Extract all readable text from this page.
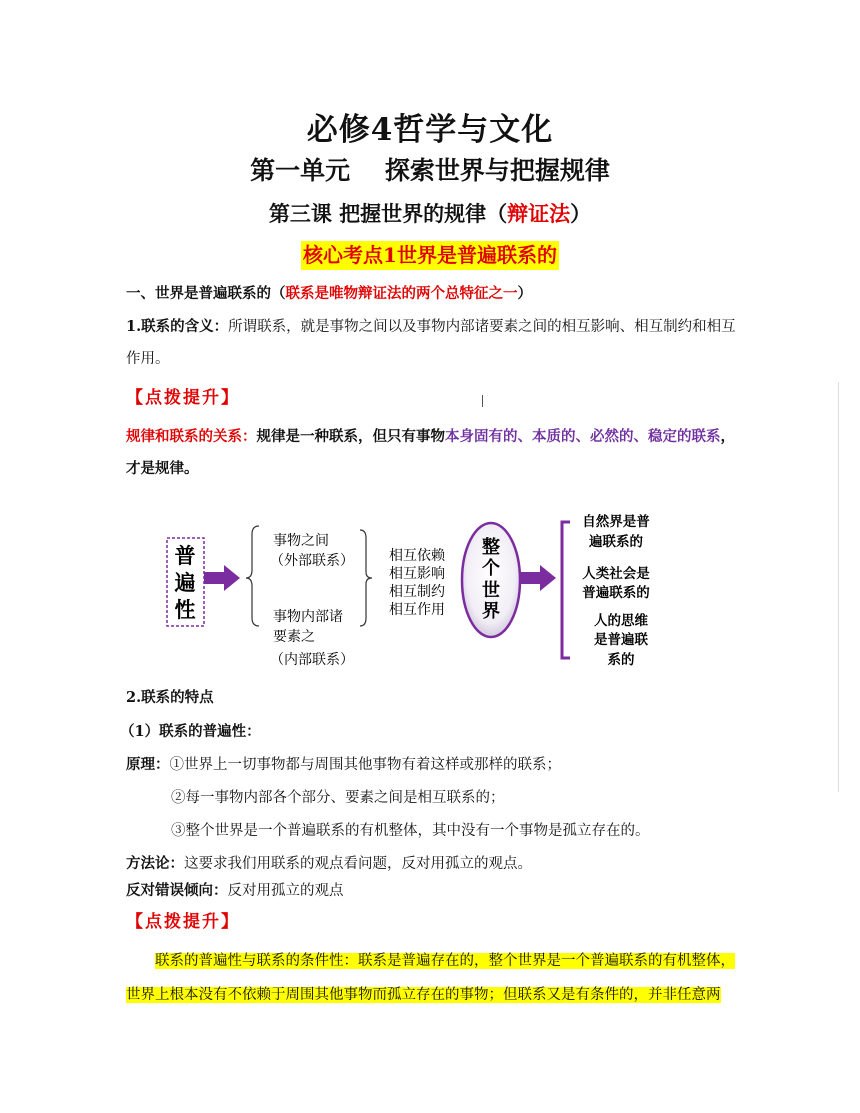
必修4哲学与文化
第一单元    探索世界与把握规律
第三课 把握世界的规律（辩证法）
核心考点1世界是普遍联系的
一、世界是普遍联系的（联系是唯物辩证法的两个总特征之一）
1.联系的含义：所谓联系，就是事物之间以及事物内部诸要素之间的相互影响、相互制约和相互
作用。
【点拨提升】
规律和联系的关系：规律是一种联系，但只有事物本身固有的、本质的、必然的、稳定的联系，
才是规律。
普
遍
性
事物之间
（外部联系）
事物内部诸
要素之
（内部联系）
相互依赖
相互影响
相互制约
相互作用
整
个
世
界
自然界是普
遍联系的
人类社会是
普遍联系的
人的思维
是普遍联
系的
2.联系的特点
（1）联系的普遍性：
原理：①世界上一切事物都与周围其他事物有着这样或那样的联系；
②每一事物内部各个部分、要素之间是相互联系的；
③整个世界是一个普遍联系的有机整体，其中没有一个事物是孤立存在的。
方法论：这要求我们用联系的观点看问题，反对用孤立的观点。
反对错误倾向：反对用孤立的观点
【点拨提升】
联系的普遍性与联系的条件性：联系是普遍存在的，整个世界是一个普遍联系的有机整体，
世界上根本没有不依赖于周围其他事物而孤立存在的事物；但联系又是有条件的，并非任意两
